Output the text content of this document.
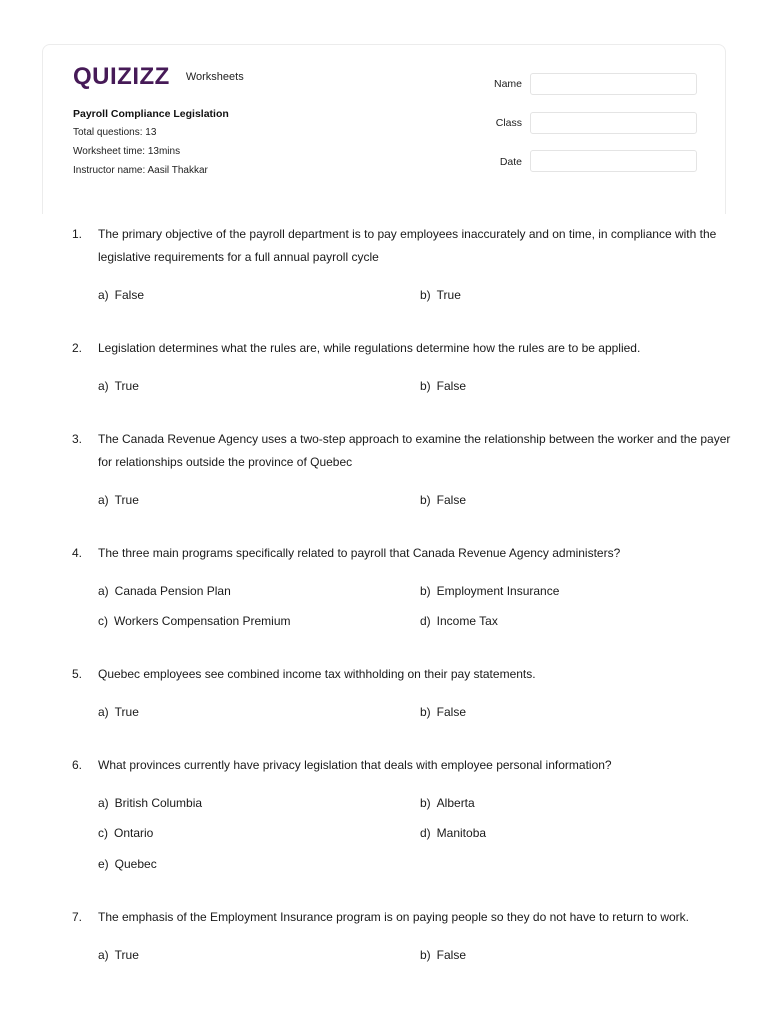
QUIZIZZ Worksheets
Payroll Compliance Legislation
Total questions: 13
Worksheet time: 13mins
Instructor name: Aasil Thakkar
Name
Class
Date
1. The primary objective of the payroll department is to pay employees inaccurately and on time, in compliance with the legislative requirements for a full annual payroll cycle
a) False	b) True
2. Legislation determines what the rules are, while regulations determine how the rules are to be applied.
a) True	b) False
3. The Canada Revenue Agency uses a two-step approach to examine the relationship between the worker and the payer for relationships outside the province of Quebec
a) True	b) False
4. The three main programs specifically related to payroll that Canada Revenue Agency administers?
a) Canada Pension Plan	b) Employment Insurance
c) Workers Compensation Premium	d) Income Tax
5. Quebec employees see combined income tax withholding on their pay statements.
a) True	b) False
6. What provinces currently have privacy legislation that deals with employee personal information?
a) British Columbia	b) Alberta
c) Ontario	d) Manitoba
e) Quebec
7. The emphasis of the Employment Insurance program is on paying people so they do not have to return to work.
a) True	b) False
